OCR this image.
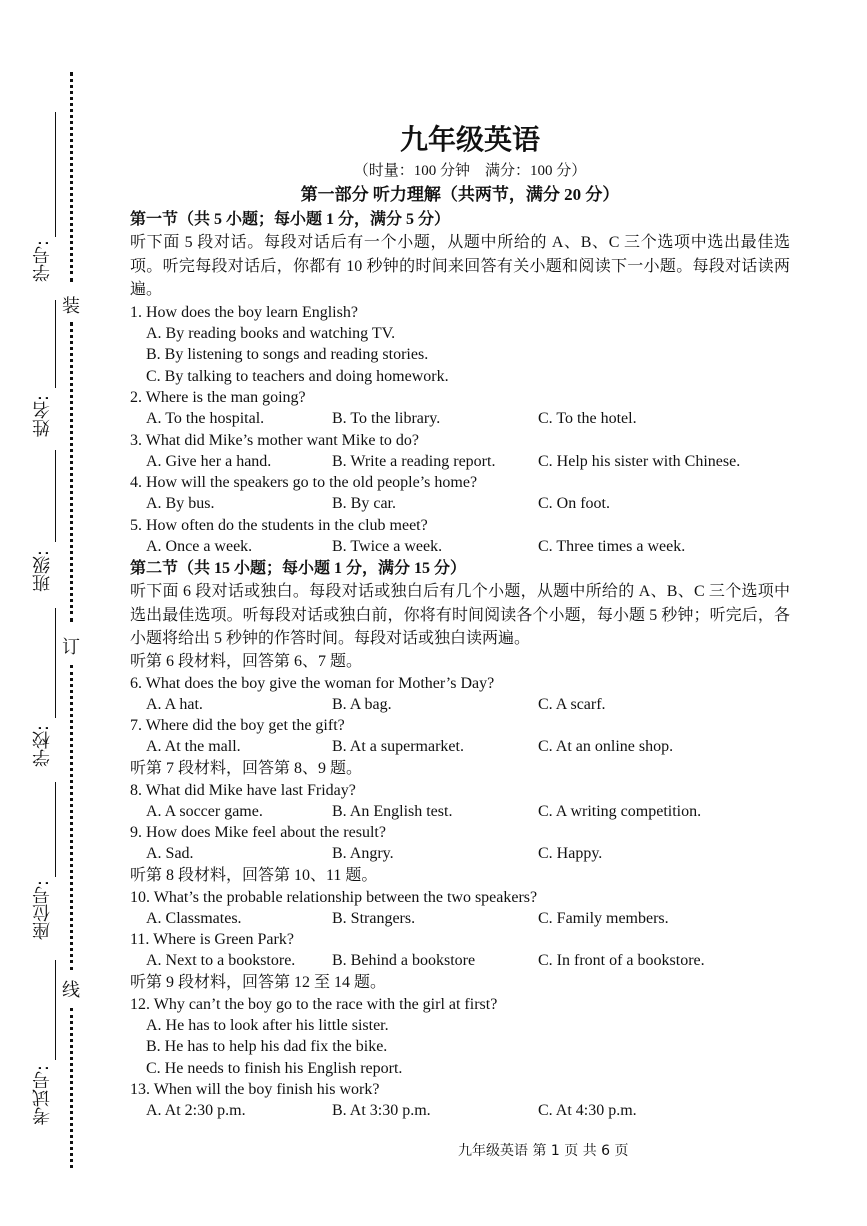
装
订
线
学号:
姓名:
班级:
学校:
座位号:
考试号:
九年级英语
（时量：100 分钟　满分：100 分）
第一部分 听力理解（共两节，满分 20 分）
第一节（共 5 小题；每小题 1 分，满分 5 分）
听下面 5 段对话。每段对话后有一个小题，从题中所给的 A、B、C 三个选项中选出最佳选项。听完每段对话后，你都有 10 秒钟的时间来回答有关小题和阅读下一小题。每段对话读两遍。
1. How does the boy learn English?
A. By reading books and watching TV.
B. By listening to songs and reading stories.
C. By talking to teachers and doing homework.
2. Where is the man going?
A. To the hospital.	B. To the library.	C. To the hotel.
3. What did Mike’s mother want Mike to do?
A. Give her a hand.	B. Write a reading report.	C. Help his sister with Chinese.
4. How will the speakers go to the old people’s home?
A. By bus.	B. By car.	C. On foot.
5. How often do the students in the club meet?
A. Once a week.	B. Twice a week.	C. Three times a week.
第二节（共 15 小题；每小题 1 分，满分 15 分）
听下面 6 段对话或独白。每段对话或独白后有几个小题，从题中所给的 A、B、C 三个选项中选出最佳选项。听每段对话或独白前，你将有时间阅读各个小题，每小题 5 秒钟；听完后，各小题将给出 5 秒钟的作答时间。每段对话或独白读两遍。
听第 6 段材料，回答第 6、7 题。
6. What does the boy give the woman for Mother’s Day?
A. A hat.	B. A bag.	C. A scarf.
7. Where did the boy get the gift?
A. At the mall.	B. At a supermarket.	C. At an online shop.
听第 7 段材料，回答第 8、9 题。
8. What did Mike have last Friday?
A. A soccer game.	B. An English test.	C. A writing competition.
9. How does Mike feel about the result?
A. Sad.	B. Angry.	C. Happy.
听第 8 段材料，回答第 10、11 题。
10. What’s the probable relationship between the two speakers?
A. Classmates.	B. Strangers.	C. Family members.
11. Where is Green Park?
A. Next to a bookstore. B. Behind a bookstore	C. In front of a bookstore.
听第 9 段材料，回答第 12 至 14 题。
12. Why can’t the boy go to the race with the girl at first?
A. He has to look after his little sister.
B. He has to help his dad fix the bike.
C. He needs to finish his English report.
13. When will the boy finish his work?
A. At 2:30 p.m.	B. At 3:30 p.m.	C. At 4:30 p.m.
九年级英语 第 1 页 共 6 页
